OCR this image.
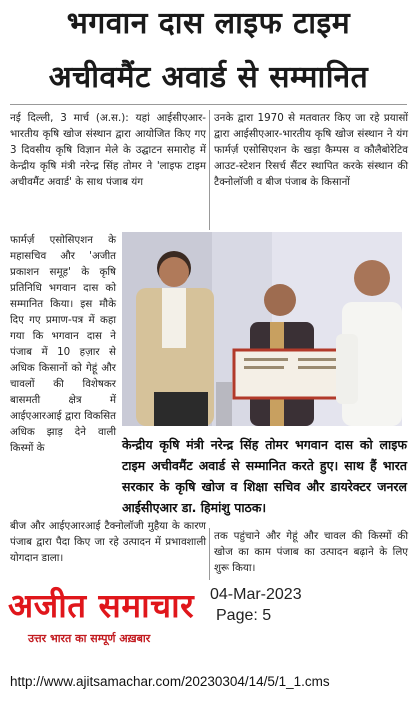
भगवान दास लाइफ टाइम
अचीवमैंट अवार्ड से सम्मानित

नई दिल्ली, 3 मार्च (अ.स.): यहां आईसीएआर-भारतीय कृषि खोज संस्थान द्वारा आयोजित किए गए 3 दिवसीय कृषि विज्ञान मेले के उद्घाटन समारोह में केन्द्रीय कृषि मंत्री नरेन्द्र सिंह तोमर ने 'लाइफ टाइम अचीवमैंट अवार्ड' के साथ पंजाब यंग

उनके द्वारा 1970 से मतवातर किए जा रहे प्रयासों द्वारा आईसीएआर-भारतीय कृषि खोज संस्थान ने यंग फार्मर्ज़ एसोसिएशन के खड़ा कैम्पस व कौलैबोरेटिव आउट-स्टेशन रिसर्च सैंटर स्थापित करके संस्थान की टैक्नोलॉजी व बीज पंजाब के किसानों

फार्मर्ज़ एसोसिएशन के महासचिव और 'अजीत प्रकाशन समूह' के कृषि प्रतिनिधि भगवान दास को सम्मानित किया। इस मौके दिए गए प्रमाण-पत्र में कहा गया कि भगवान दास ने पंजाब में 10 हज़ार से अधिक किसानों को गेहूं और चावलों की विशेषकर बासमती क्षेत्र में आईएआरआई द्वारा विकसित अधिक झाड़ देने वाली किस्मों के	केन्द्रीय कृषि मंत्री नरेन्द्र सिंह तोमर भगवान दास को लाइफ टाइम अचीवमैंट अवार्ड से सम्मानित करते हुए। साथ हैं भारत सरकार के कृषि खोज व शिक्षा सचिव और डायरेक्टर जनरल आईसीएआर डा. हिमांशु पाठक।

बीज और आईएआरआई टैक्नोलॉजी मुहैया के कारण पंजाब द्वारा पैदा किए जा रहे उत्पादन में प्रभावशाली योगदान डाला।

तक पहुंचाने और गेहूं और चावल की किस्मों की खोज का काम पंजाब का उत्पादन बढ़ाने के लिए शुरू किया।

अजीत समाचार
उत्तर भारत का सम्पूर्ण अख़बार
04-Mar-2023
Page: 5
http://www.ajitsamachar.com/20230304/14/5/1_1.cms
